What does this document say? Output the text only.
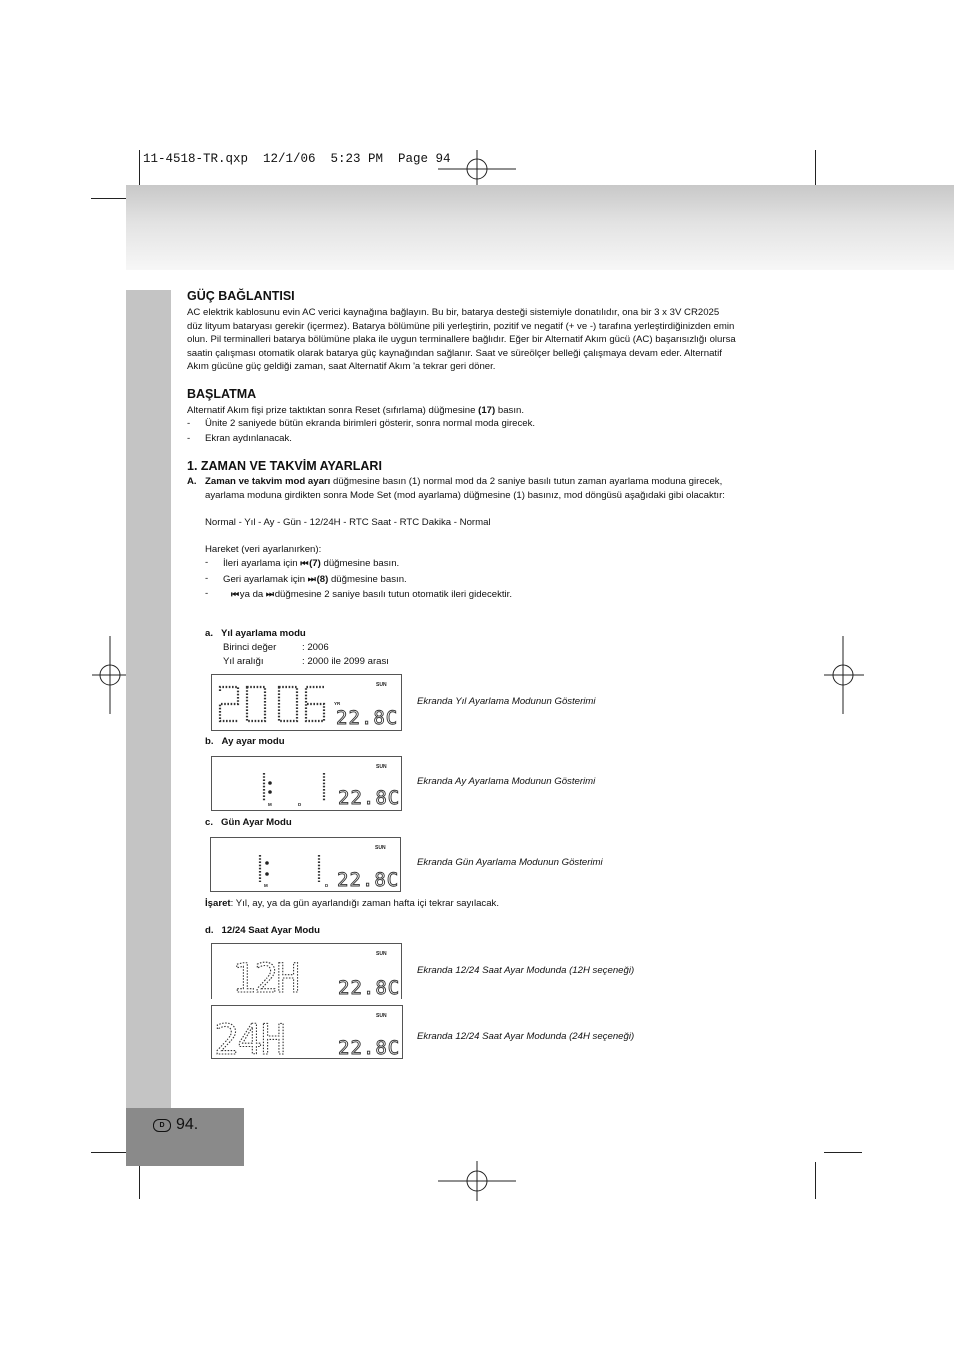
11-4518-TR.qxp  12/1/06  5:23 PM  Page 94
D 94.
GÜÇ BAĞLANTISI
AC elektrik kablosunu evin AC verici kaynağına bağlayın. Bu bir, batarya desteği sistemiyle donatılıdır, ona bir 3 x 3V CR2025
düz lityum bataryası gerekir (içermez). Batarya bölümüne pili yerleştirin, pozitif ve negatif (+ ve -) tarafına yerleştirdiğinizden emin
olun. Pil terminalleri batarya bölümüne plaka ile uygun terminallere bağlıdır. Eğer bir Alternatif Akım gücü (AC) başarısızlığı olursa
saatin çalışması otomatik olarak batarya güç kaynağından sağlanır. Saat ve süreölçer belleği çalışmaya devam eder. Alternatif
Akım gücüne güç geldiği zaman, saat Alternatif Akım 'a tekrar geri döner.
BAŞLATMA
Alternatif Akım fişi prize taktıktan sonra Reset (sıfırlama) düğmesine (17) basın.
- Ünite 2 saniyede bütün ekranda birimleri gösterir, sonra normal moda girecek.
- Ekran aydınlanacak.
1. ZAMAN VE TAKVİM AYARLARI
A. Zaman ve takvim mod ayarı düğmesine basın (1) normal mod da 2 saniye basılı tutun zaman ayarlama moduna girecek,
ayarlama moduna girdikten sonra Mode Set (mod ayarlama) düğmesine (1) basınız, mod döngüsü aşağıdaki gibi olacaktır:
Normal - Yıl - Ay - Gün - 12/24H - RTC Saat - RTC Dakika - Normal
Hareket (veri ayarlanırken):
- İleri ayarlama için ⏮ (7) düğmesine basın.
- Geri ayarlamak için ⏭ (8) düğmesine basın.
-	⏮ ya da ⏭ düğmesine 2 saniye basılı tutun otomatik ileri gidecektir.
a. Yıl ayarlama modu
Birinci değer	: 2006
Yıl aralığı	: 2000 ile 2099 arası
YR
SUN
22.8C
Ekranda Yıl Ayarlama Modunun Gösterimi
b. Ay ayar modu
M	D
SUN
22.8C
Ekranda Ay Ayarlama Modunun Gösterimi
c. Gün Ayar Modu
M	D
SUN
22.8C
Ekranda Gün Ayarlama Modunun Gösterimi
İşaret: Yıl, ay, ya da gün ayarlandığı zaman hafta içi tekrar sayılacak.
d. 12/24 Saat Ayar Modu
SUN
12H 22.8C
Ekranda 12/24 Saat Ayar Modunda (12H seçeneği)
SUN
24H	22.8C
Ekranda 12/24 Saat Ayar Modunda (24H seçeneği)
